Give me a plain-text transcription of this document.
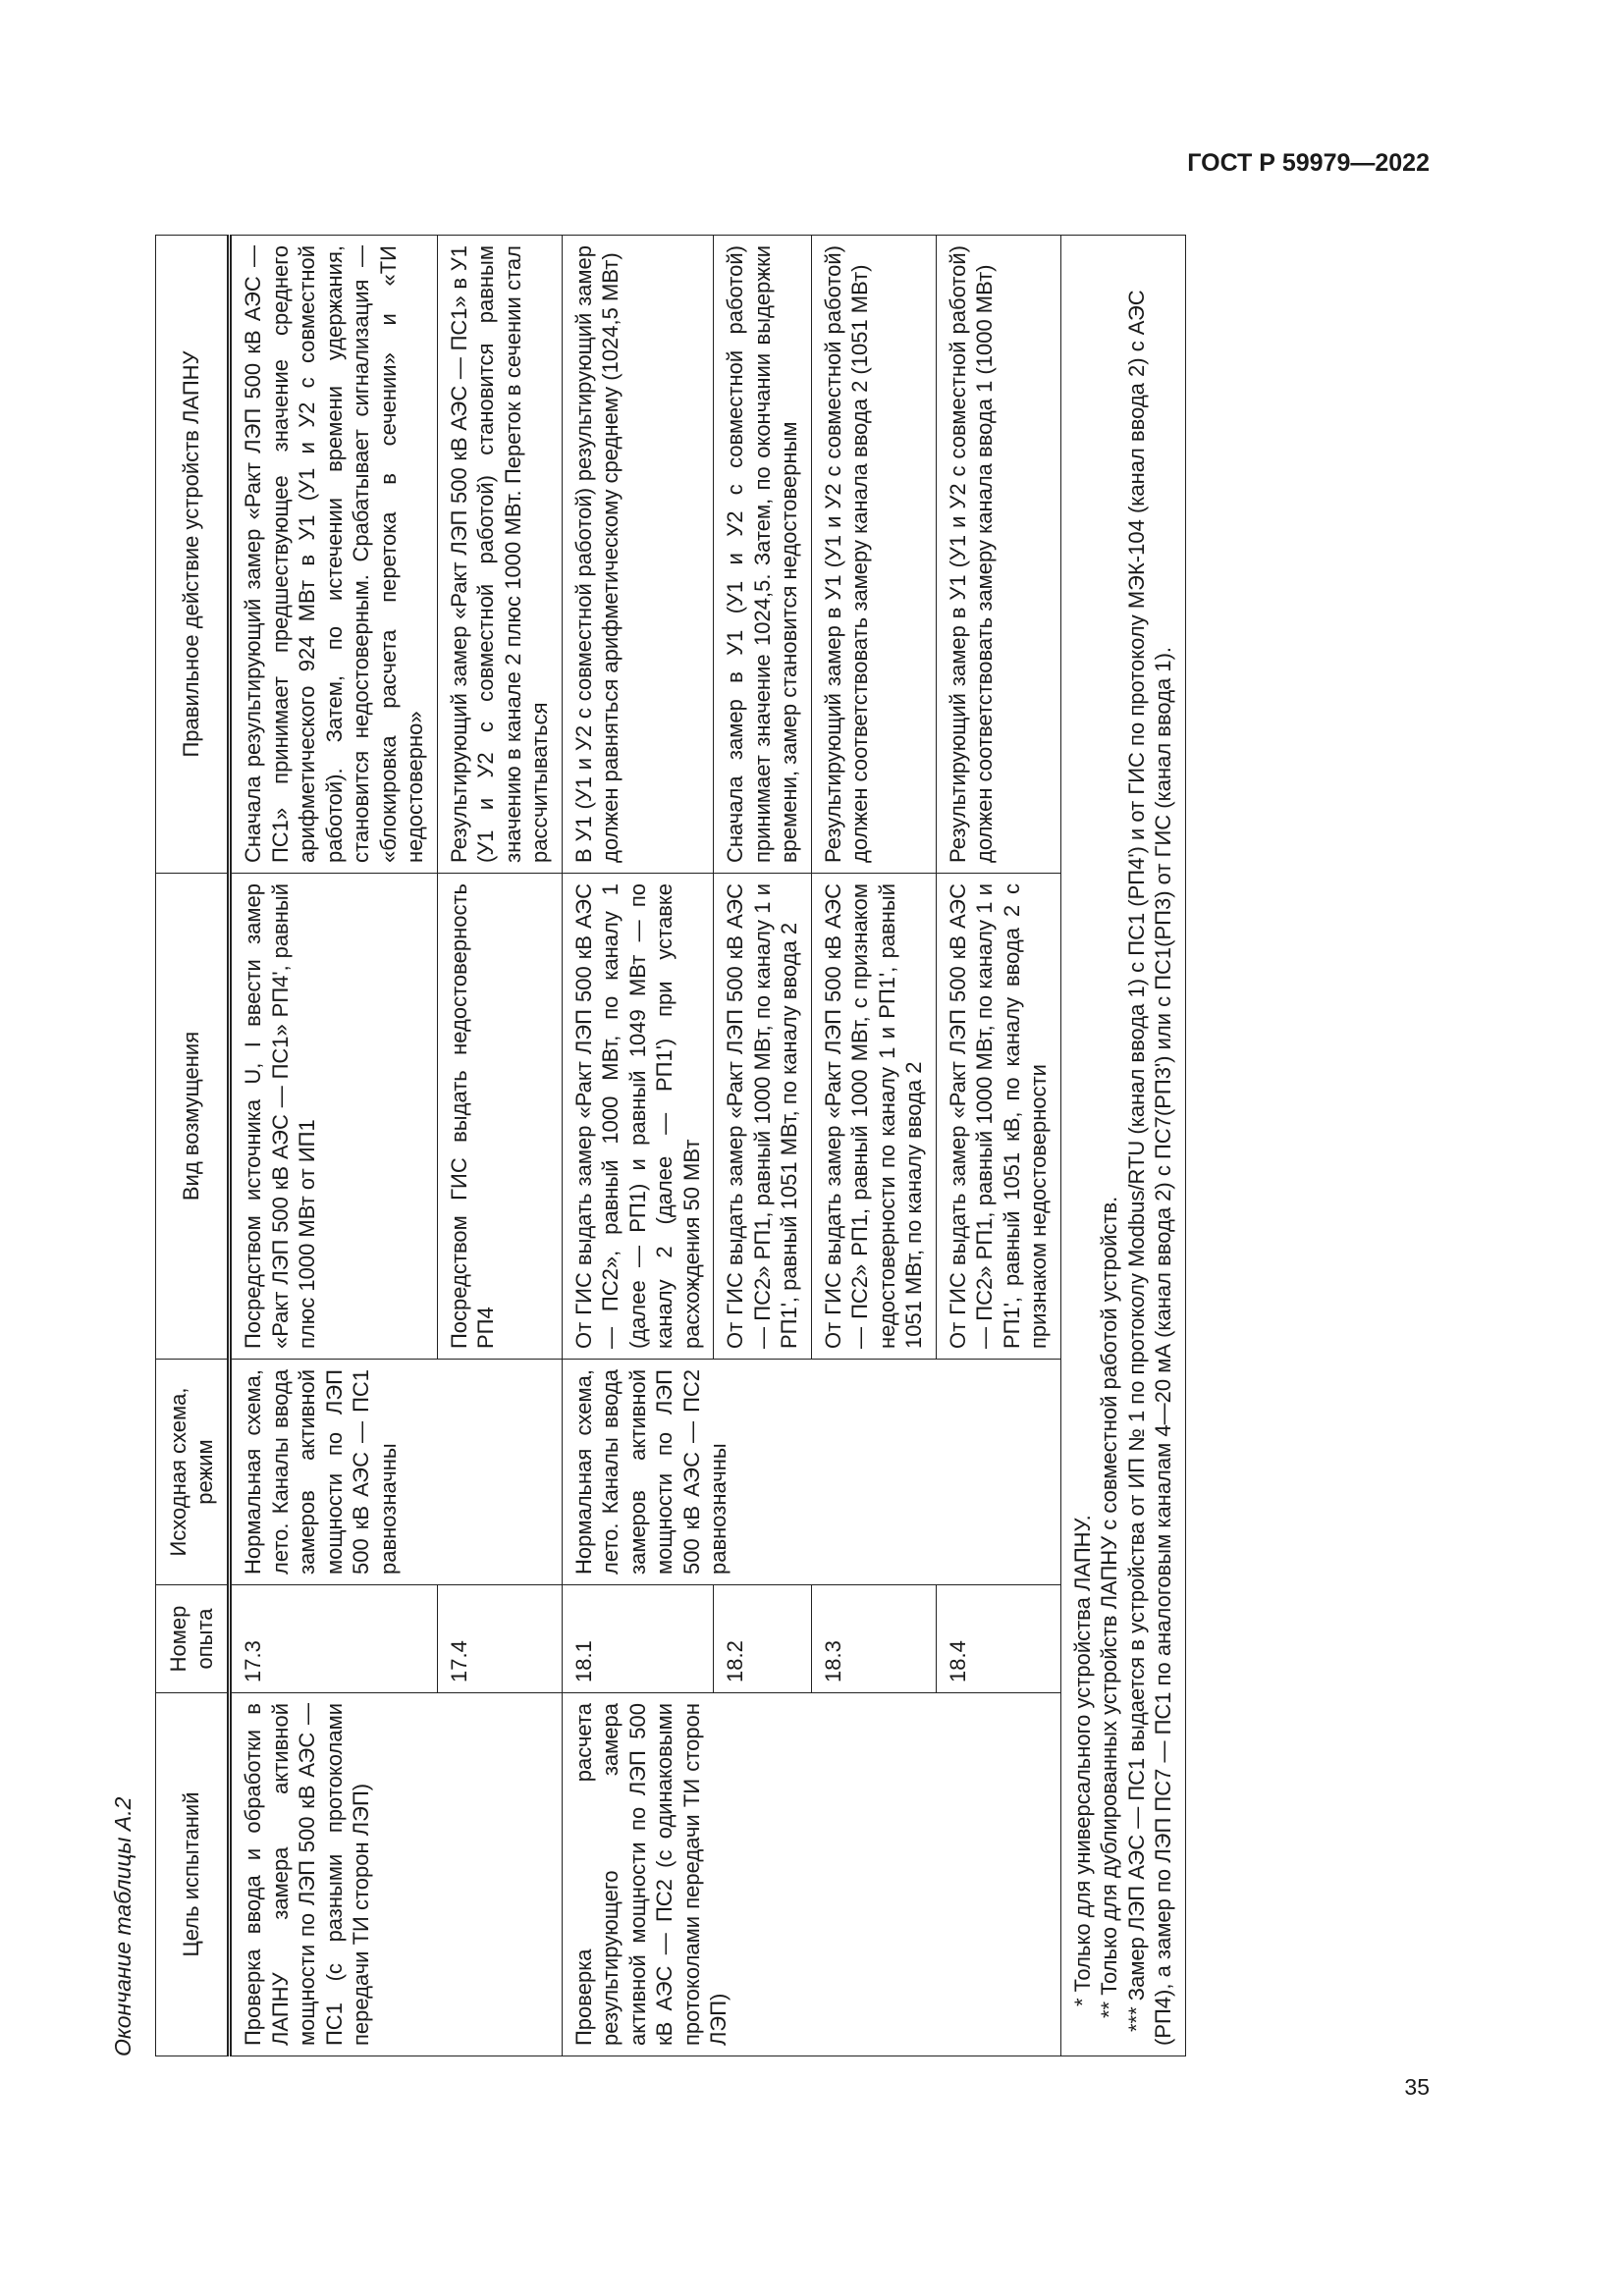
ГОСТ Р 59979—2022
Окончание таблицы А.2 Цель испытаний	Номер опыта	Исходная схема, режим	Вид возмущения	Правильное действие устройств ЛАПНУ
Проверка ввода и обработки в ЛАПНУ замера активной мощности по ЛЭП 500 кВ АЭС — ПС1 (с разными протоколами передачи ТИ сторон ЛЭП)	17.3	Нормальная схема, лето. Каналы ввода замеров активной мощности по ЛЭП 500 кВ АЭС — ПС1 равнозначны	Посредством источника U, I ввести замер «Ракт ЛЭП 500 кВ АЭС — ПС1» РП4', равный плюс 1000 МВт от ИП1	Сначала результирующий замер «Ракт ЛЭП 500 кВ АЭС — ПС1» принимает предшествующее значение среднего арифметического 924 МВт в У1 (У1 и У2 с совместной работой). Затем, по истечении времени удержания, становится недостоверным. Срабатывает сигнализация — «блокировка расчета перетока в сечении» и «ТИ недостоверно»
	17.4		Посредством ГИС выдать недостоверность РП4	Результирующий замер «Ракт ЛЭП 500 кВ АЭС — ПС1» в У1 (У1 и У2 с совместной работой) становится равным значению в канале 2 плюс 1000 МВт. Переток в сечении стал рассчитываться
Проверка расчета результирующего замера активной мощности по ЛЭП 500 кВ АЭС — ПС2 (с одинаковыми протоколами передачи ТИ сторон ЛЭП)	18.1	Нормальная схема, лето. Каналы ввода замеров активной мощности по ЛЭП 500 кВ АЭС — ПС2 равнозначны	От ГИС выдать замер «Ракт ЛЭП 500 кВ АЭС — ПС2», равный 1000 МВт, по каналу 1 (далее — РП1) и равный 1049 МВт — по каналу 2 (далее — РП1') при уставке расхождения 50 МВт	В У1 (У1 и У2 с совместной работой) результирующий замер должен равняться арифметическому среднему (1024,5 МВт)
	18.2		От ГИС выдать замер «Ракт ЛЭП 500 кВ АЭС — ПС2» РП1, равный 1000 МВт, по каналу 1 и РП1', равный 1051 МВт, по каналу ввода 2	Сначала замер в У1 (У1 и У2 с совместной работой) принимает значение 1024,5. Затем, по окончании выдержки времени, замер становится недостоверным
	18.3		От ГИС выдать замер «Ракт ЛЭП 500 кВ АЭС — ПС2» РП1, равный 1000 МВт, с признаком недостоверности по каналу 1 и РП1', равный 1051 МВт, по каналу ввода 2	Результирующий замер в У1 (У1 и У2 с совместной работой) должен соответствовать замеру канала ввода 2 (1051 МВт)
	18.4		От ГИС выдать замер «Ракт ЛЭП 500 кВ АЭС — ПС2» РП1, равный 1000 МВт, по каналу 1 и РП1', равный 1051 кВ, по каналу ввода 2 с признаком недостоверности	Результирующий замер в У1 (У1 и У2 с совместной работой) должен соответствовать замеру канала ввода 1 (1000 МВт)

* Только для универсального устройства ЛАПНУ. ** Только для дублированных устройств ЛАПНУ с совместной работой устройств. *** Замер ЛЭП АЭС — ПС1 выдается в устройства от ИП № 1 по протоколу Modbus/RTU (канал ввода 1) с ПС1 (РП4') и от ГИС по протоколу МЭК-104 (канал ввода 2) с АЭС (РП4), а замер по ЛЭП ПС7 — ПС1 по аналоговым каналам 4—20 мА (канал ввода 2) с ПС7(РП3') или с ПС1(РП3) от ГИС (канал ввода 1).				

35
